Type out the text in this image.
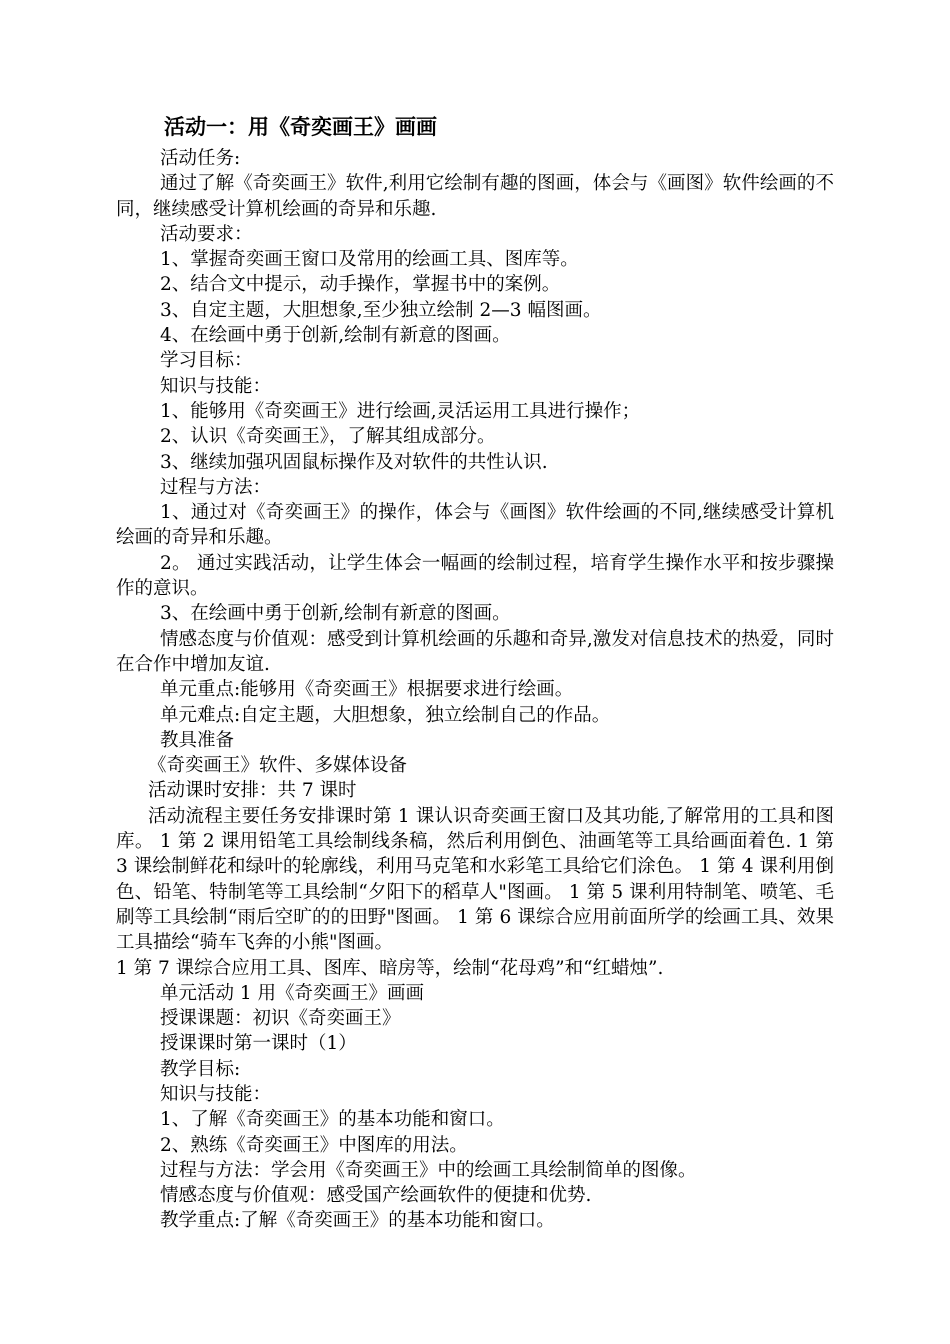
活动一：用《奇奕画王》画画

活动任务:

通过了解《奇奕画王》软件,利用它绘制有趣的图画，体会与《画图》软件绘画的不同，继续感受计算机绘画的奇异和乐趣.

活动要求：

1、掌握奇奕画王窗口及常用的绘画工具、图库等。

2、结合文中提示，动手操作，掌握书中的案例。

3、自定主题，大胆想象,至少独立绘制 2—3 幅图画。

4、在绘画中勇于创新,绘制有新意的图画。

学习目标：

知识与技能：

1、能够用《奇奕画王》进行绘画,灵活运用工具进行操作；

2、认识《奇奕画王》，了解其组成部分。

3、继续加强巩固鼠标操作及对软件的共性认识.

过程与方法：

1、通过对《奇奕画王》的操作，体会与《画图》软件绘画的不同,继续感受计算机绘画的奇异和乐趣。

2。 通过实践活动，让学生体会一幅画的绘制过程，培育学生操作水平和按步骤操作的意识。

3、在绘画中勇于创新,绘制有新意的图画。

情感态度与价值观：感受到计算机绘画的乐趣和奇异,激发对信息技术的热爱，同时在合作中增加友谊.

单元重点:能够用《奇奕画王》根据要求进行绘画。

单元难点:自定主题，大胆想象，独立绘制自己的作品。

教具准备

《奇奕画王》软件、多媒体设备

活动课时安排：共 7 课时

活动流程主要任务安排课时第 1 课认识奇奕画王窗口及其功能,了解常用的工具和图库。 1 第 2 课用铅笔工具绘制线条稿，然后利用倒色、油画笔等工具给画面着色. 1 第 3 课绘制鲜花和绿叶的轮廓线，利用马克笔和水彩笔工具给它们涂色。 1 第 4 课利用倒色、铅笔、特制笔等工具绘制“夕阳下的稻草人"图画。 1 第 5 课利用特制笔、喷笔、毛刷等工具绘制“雨后空旷的的田野"图画。 1 第 6 课综合应用前面所学的绘画工具、效果工具描绘“骑车飞奔的小熊"图画。

1 第 7 课综合应用工具、图库、暗房等，绘制“花母鸡”和“红蜡烛”.

单元活动 1 用《奇奕画王》画画

授课课题：初识《奇奕画王》

授课课时第一课时（1）

教学目标:

知识与技能：

1、了解《奇奕画王》的基本功能和窗口。

2、熟练《奇奕画王》中图库的用法。

过程与方法：学会用《奇奕画王》中的绘画工具绘制简单的图像。

情感态度与价值观：感受国产绘画软件的便捷和优势.

教学重点:了解《奇奕画王》的基本功能和窗口。
